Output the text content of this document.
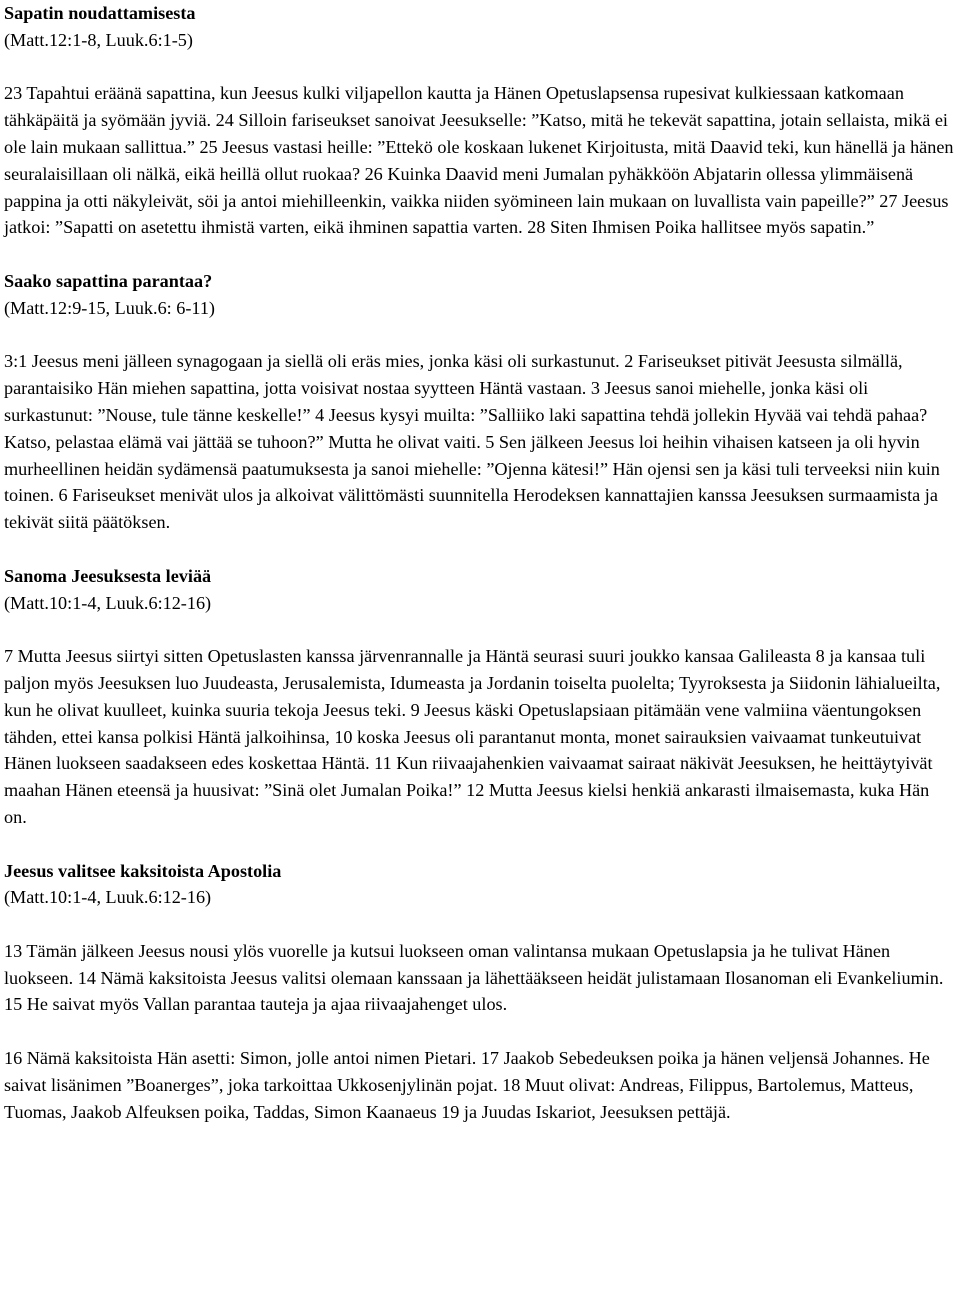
Sapatin noudattamisesta
(Matt.12:1-8, Luuk.6:1-5)

23 Tapahtui eräänä sapattina, kun Jeesus kulki viljapellon kautta ja Hänen Opetuslapsensa rupesivat kulkiessaan katkomaan tähkäpäitä ja syömään jyviä. 24 Silloin fariseukset sanoivat Jeesukselle: ”Katso, mitä he tekevät sapattina, jotain sellaista, mikä ei ole lain mukaan sallittua.” 25 Jeesus vastasi heille: ”Ettekö ole koskaan lukenet Kirjoitusta, mitä Daavid teki, kun hänellä ja hänen seuralaisillaan oli nälkä, eikä heillä ollut ruokaa? 26 Kuinka Daavid meni Jumalan pyhäkköön Abjatarin ollessa ylimmäisenä pappina ja otti näkyleivät, söi ja antoi miehilleenkin, vaikka niiden syömineen lain mukaan on luvallista vain papeille?” 27 Jeesus jatkoi: ”Sapatti on asetettu ihmistä varten, eikä ihminen sapattia varten. 28 Siten Ihmisen Poika hallitsee myös sapatin.”

Saako sapattina parantaa?
(Matt.12:9-15, Luuk.6: 6-11)

3:1 Jeesus meni jälleen synagogaan ja siellä oli eräs mies, jonka käsi oli surkastunut. 2 Fariseukset pitivät Jeesusta silmällä, parantaisiko Hän miehen sapattina, jotta voisivat nostaa syytteen Häntä vastaan. 3 Jeesus sanoi miehelle, jonka käsi oli surkastunut: ”Nouse, tule tänne keskelle!” 4 Jeesus kysyi muilta: ”Salliiko laki sapattina tehdä jollekin Hyvää vai tehdä pahaa? Katso, pelastaa elämä vai jättää se tuhoon?” Mutta he olivat vaiti. 5 Sen jälkeen Jeesus loi heihin vihaisen katseen ja oli hyvin murheellinen heidän sydämensä paatumuksesta ja sanoi miehelle: ”Ojenna kätesi!” Hän ojensi sen ja käsi tuli terveeksi niin kuin toinen. 6 Fariseukset menivät ulos ja alkoivat välittömästi suunnitella Herodeksen kannattajien kanssa Jeesuksen surmaamista ja tekivät siitä päätöksen.

Sanoma Jeesuksesta leviää
(Matt.10:1-4, Luuk.6:12-16)

7 Mutta Jeesus siirtyi sitten Opetuslasten kanssa järvenrannalle ja Häntä seurasi suuri joukko kansaa Galileasta 8 ja kansaa tuli paljon myös Jeesuksen luo Juudeasta, Jerusalemista, Idumeasta ja Jordanin toiselta puolelta; Tyyroksesta ja Siidonin lähialueilta, kun he olivat kuulleet, kuinka suuria tekoja Jeesus teki. 9 Jeesus käski Opetuslapsiaan pitämään vene valmiina väentungoksen tähden, ettei kansa polkisi Häntä jalkoihinsa, 10 koska Jeesus oli parantanut monta, monet sairauksien vaivaamat tunkeutuivat Hänen luokseen saadakseen edes koskettaa Häntä. 11 Kun riivaajahenkien vaivaamat sairaat näkivät Jeesuksen, he heittäytyivät maahan Hänen eteensä ja huusivat: ”Sinä olet Jumalan Poika!” 12 Mutta Jeesus kielsi henkiä ankarasti ilmaisemasta, kuka Hän on.

Jeesus valitsee kaksitoista Apostolia
(Matt.10:1-4, Luuk.6:12-16)

13 Tämän jälkeen Jeesus nousi ylös vuorelle ja kutsui luokseen oman valintansa mukaan Opetuslapsia ja he tulivat Hänen luokseen. 14 Nämä kaksitoista Jeesus valitsi olemaan kanssaan ja lähettääkseen heidät julistamaan Ilosanoman eli Evankeliumin. 15 He saivat myös Vallan parantaa tauteja ja ajaa riivaajahenget ulos.

16 Nämä kaksitoista Hän asetti: Simon, jolle antoi nimen Pietari. 17 Jaakob Sebedeuksen poika ja hänen veljensä Johannes. He saivat lisänimen ”Boanerges”, joka tarkoittaa Ukkosenjylinän pojat. 18 Muut olivat: Andreas, Filippus, Bartolemus, Matteus, Tuomas, Jaakob Alfeuksen poika, Taddas, Simon Kaanaeus 19 ja Juudas Iskariot, Jeesuksen pettäjä.
